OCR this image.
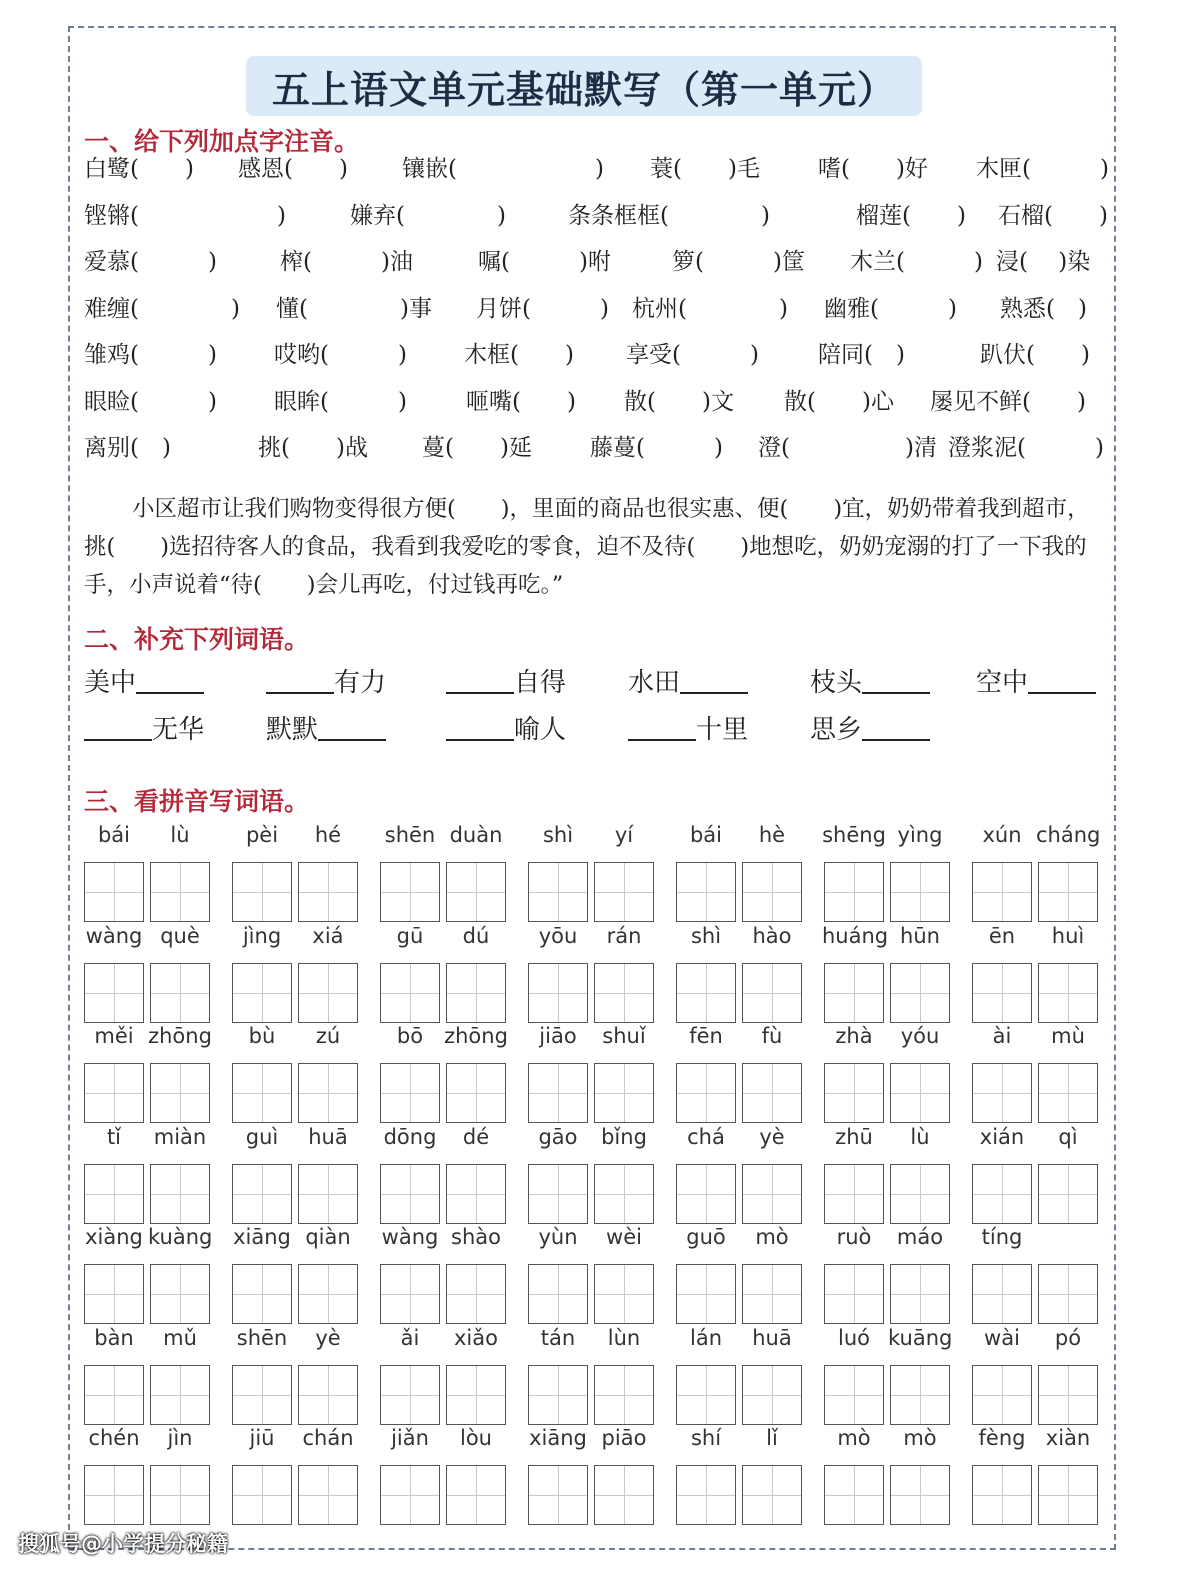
五上语文单元基础默写（第一单元）
一、给下列加点字注音。
白鹭(　　) 感恩(　　) 镶嵌(　　　　　　) 蓑(　　)毛	嗜(　　)好 木匣(　　　)
铿锵(　　　　　　)	嫌弃(　　　　)	条条框框(　　　　)	榴莲(　　) 石榴(　　)
爱慕(　　　)	榨(　　　)油	嘱(　　　)咐	箩(　　　)筐 木兰(　　　) 浸(　 )染
难缠(　　　　) 懂(　　　　)事 月饼(　　　) 杭州(　　　　) 幽雅(　　　) 熟悉(　)
雏鸡(　　　) 哎哟(　　　) 木框(　　) 享受(　　　)	陪同(　)	趴伏(　　)
眼睑(　　　) 眼眸(　　　)	咂嘴(　　) 散(　　)文 散(　　)心 屡见不鲜(　　)
离别(　)	挑(　　)战 蔓(　　)延	藤蔓(　　　) 澄(　　　　　)清 澄浆泥(　　　)
小区超市让我们购物变得很方便(　　)，里面的商品也很实惠、便(　　)宜，奶奶带着我到超市，挑(　　)选招待客人的食品，我看到我爱吃的零食，迫不及待(　　)地想吃，奶奶宠溺的打了一下我的手，小声说着“待(　　)会儿再吃，付过钱再吃。”
二、补充下列词语。
美中	有力	自得 水田	枝头	空中
无华 默默	喻人	十里 思乡
三、看拼音写词语。
bái	lù	pèi	hé	shēn duàn	shì	yí	bái	hè	shēng yìng	xún cháng
wàng què	jìng	xiá	gū	dú	yōu	rán	shì	hào	huáng hūn	ēn	huì
měi zhōng	bù	zú	bō zhōng	jiāo	shuǐ	fēn	fù	zhà	yóu	ài	mù
tǐ	miàn	guì	huā	dōng	dé	gāo	bǐng	chá	yè	zhū	lù	xián	qì
xiàng kuàng xiāng qiàn	wàng shào	yùn	wèi	guō	mò	ruò	máo	tíng
bàn	mǔ	shēn	yè	ǎi	xiǎo	tán	lùn	lán	huā	luó kuāng	wài	pó
chén	jìn	jiū	chán	jiǎn	lòu	xiāng piāo	shí	lǐ	mò	mò	fèng xiàn
搜狐号@小学提分秘籍
